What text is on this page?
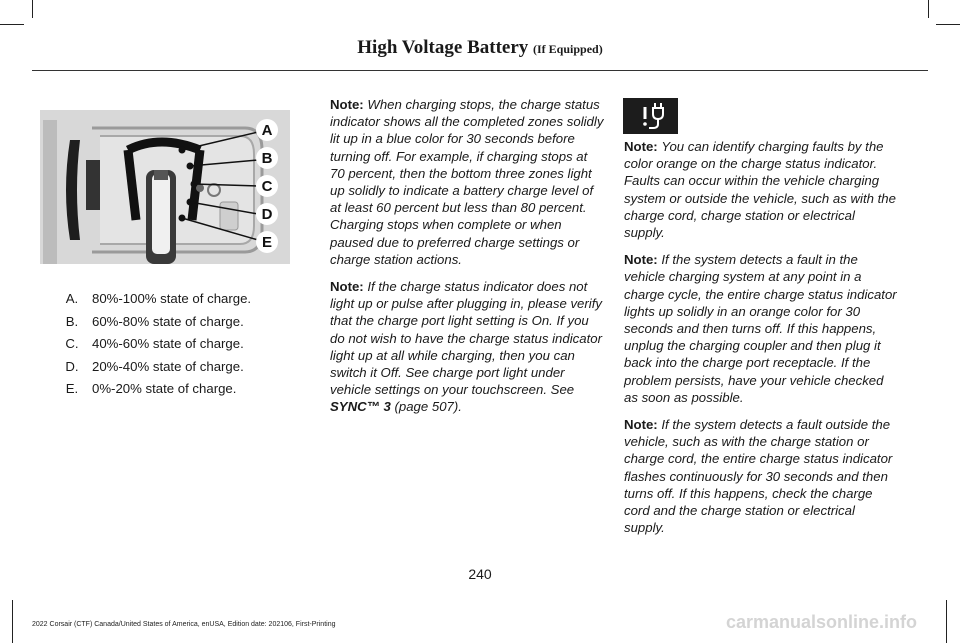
High Voltage Battery (If Equipped)
A
B
C
D
E
A.	80%-100% state of charge.
B.	60%-80% state of charge.
C.	40%-60% state of charge.
D.	20%-40% state of charge.
E.	0%-20% state of charge.

Note: When charging stops, the charge status indicator shows all the completed zones solidly lit up in a blue color for 30 seconds before turning off. For example, if charging stops at 70 percent, then the bottom three zones light up solidly to indicate a battery charge level of at least 60 percent but less than 80 percent. Charging stops when complete or when paused due to preferred charge settings or charge station actions.

Note: If the charge status indicator does not light up or pulse after plugging in, please verify that the charge port light setting is On. If you do not wish to have the charge status indicator light up at all while charging, then you can switch it Off. See charge port light under vehicle settings on your touchscreen. See SYNC™ 3 (page 507).

Note: You can identify charging faults by the color orange on the charge status indicator. Faults can occur within the vehicle charging system or outside the vehicle, such as with the charge cord, charge station or electrical supply.

Note: If the system detects a fault in the vehicle charging system at any point in a charge cycle, the entire charge status indicator lights up solidly in an orange color for 30 seconds and then turns off. If this happens, unplug the charging coupler and then plug it back into the charge port receptacle. If the problem persists, have your vehicle checked as soon as possible.

Note: If the system detects a fault outside the vehicle, such as with the charge station or charge cord, the entire charge status indicator flashes continuously for 30 seconds and then turns off. If this happens, check the charge cord and the charge station or electrical supply.

240
2022 Corsair (CTF) Canada/United States of America, enUSA, Edition date: 202106, First-Printing	carmanualsonline.info
